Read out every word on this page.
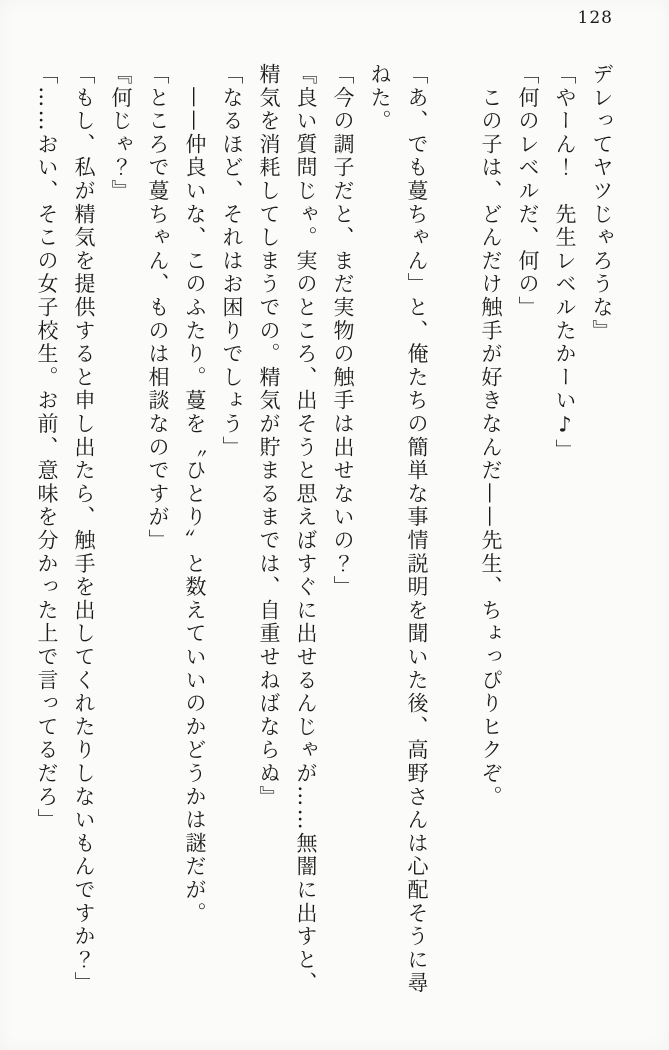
128

デレってヤツじゃろうな』

「やーん！　先生レベルたかーい♪」

「何のレベルだ、何の」

　この子は、どんだけ触手が好きなんだ——先生、ちょっぴりヒクぞ。

「あ、でも蔓ちゃん」と、俺たちの簡単な事情説明を聞いた後、高野さんは心配そうに尋ねた。

「今の調子だと、まだ実物の触手は出せないの？」

『良い質問じゃ。実のところ、出そうと思えばすぐに出せるんじゃが……無闇に出すと、精気を消耗してしまうでの。精気が貯まるまでは、自重せねばならぬ』

「なるほど、それはお困りでしょう」

　——仲良いな、このふたり。蔓を〝ひとり〟と数えていいのかどうかは謎だが。

「ところで蔓ちゃん、ものは相談なのですが」

『何じゃ？』

「もし、私が精気を提供すると申し出たら、触手を出してくれたりしないもんですか？」

「……おい、そこの女子校生。お前、意味を分かった上で言ってるだろ」
